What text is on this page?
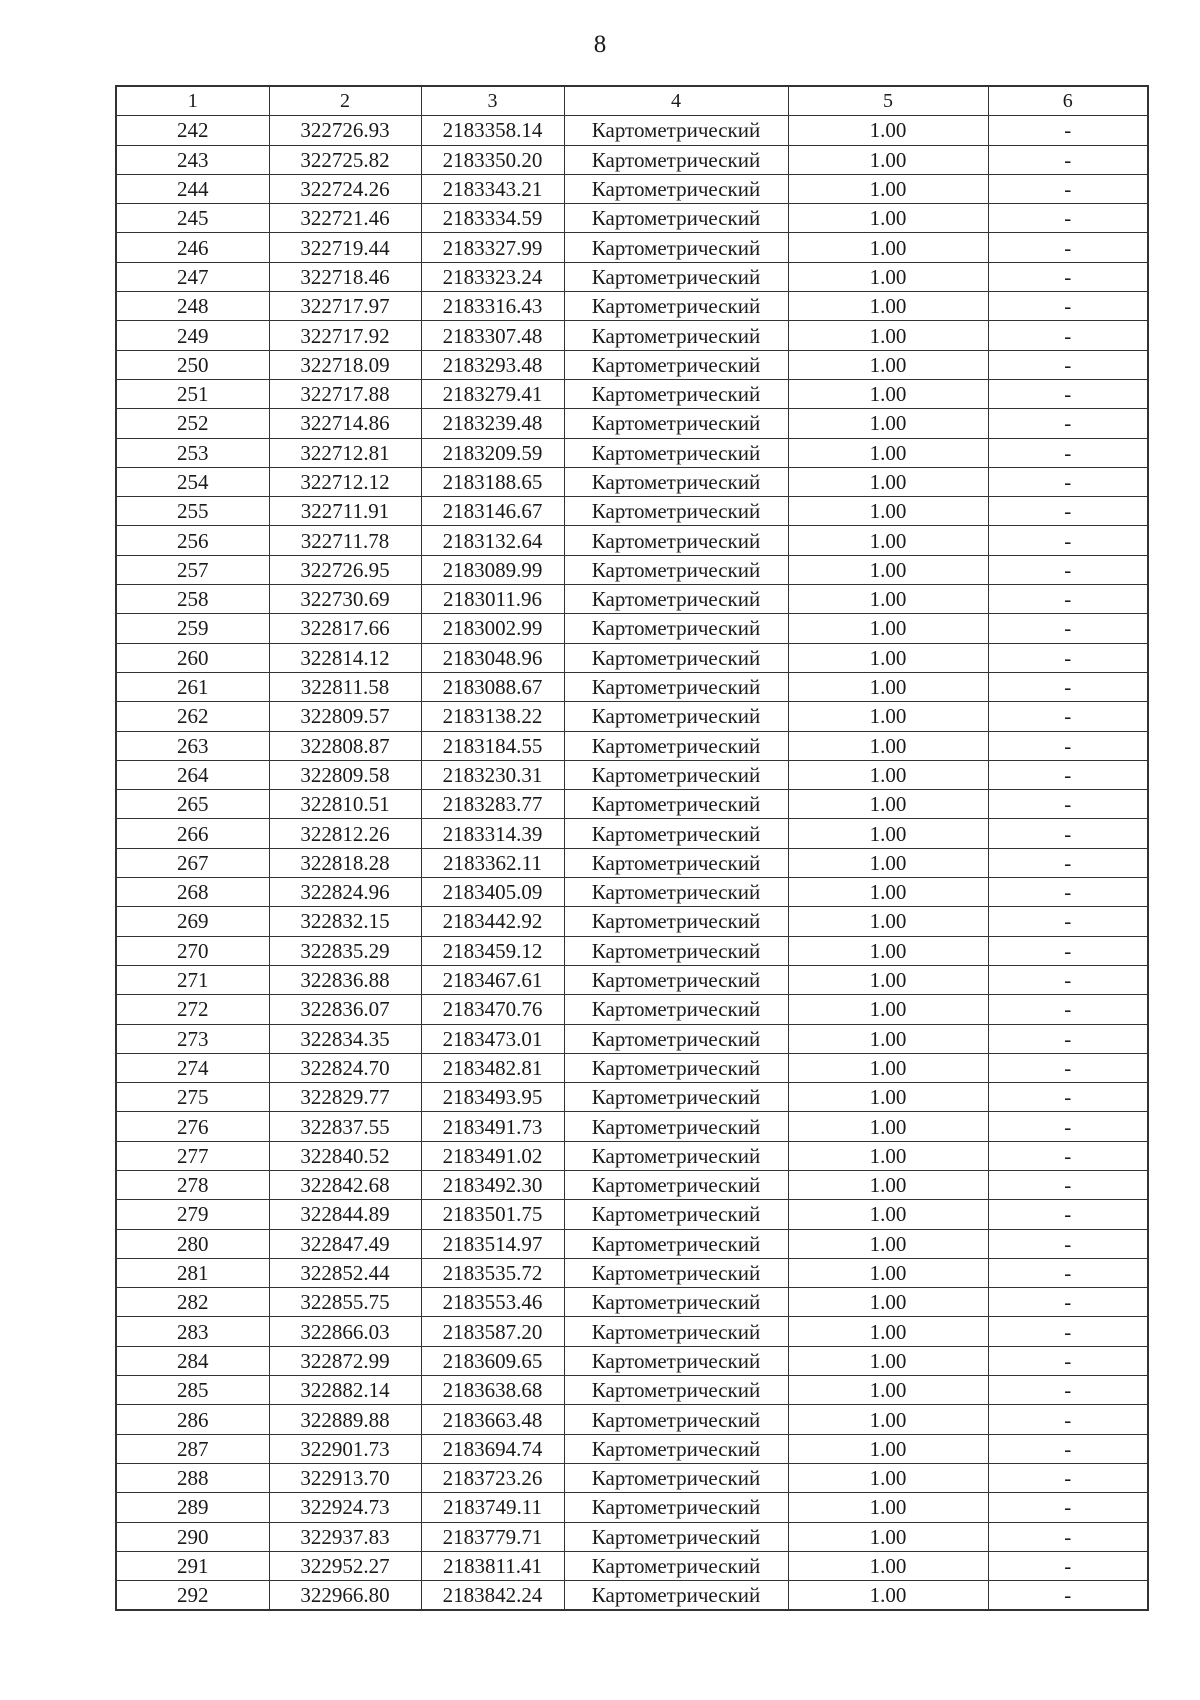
8
1	2	3	4	5	6
242	322726.93	2183358.14	Картометрический	1.00	-
243	322725.82	2183350.20	Картометрический	1.00	-
244	322724.26	2183343.21	Картометрический	1.00	-
245	322721.46	2183334.59	Картометрический	1.00	-
246	322719.44	2183327.99	Картометрический	1.00	-
247	322718.46	2183323.24	Картометрический	1.00	-
248	322717.97	2183316.43	Картометрический	1.00	-
249	322717.92	2183307.48	Картометрический	1.00	-
250	322718.09	2183293.48	Картометрический	1.00	-
251	322717.88	2183279.41	Картометрический	1.00	-
252	322714.86	2183239.48	Картометрический	1.00	-
253	322712.81	2183209.59	Картометрический	1.00	-
254	322712.12	2183188.65	Картометрический	1.00	-
255	322711.91	2183146.67	Картометрический	1.00	-
256	322711.78	2183132.64	Картометрический	1.00	-
257	322726.95	2183089.99	Картометрический	1.00	-
258	322730.69	2183011.96	Картометрический	1.00	-
259	322817.66	2183002.99	Картометрический	1.00	-
260	322814.12	2183048.96	Картометрический	1.00	-
261	322811.58	2183088.67	Картометрический	1.00	-
262	322809.57	2183138.22	Картометрический	1.00	-
263	322808.87	2183184.55	Картометрический	1.00	-
264	322809.58	2183230.31	Картометрический	1.00	-
265	322810.51	2183283.77	Картометрический	1.00	-
266	322812.26	2183314.39	Картометрический	1.00	-
267	322818.28	2183362.11	Картометрический	1.00	-
268	322824.96	2183405.09	Картометрический	1.00	-
269	322832.15	2183442.92	Картометрический	1.00	-
270	322835.29	2183459.12	Картометрический	1.00	-
271	322836.88	2183467.61	Картометрический	1.00	-
272	322836.07	2183470.76	Картометрический	1.00	-
273	322834.35	2183473.01	Картометрический	1.00	-
274	322824.70	2183482.81	Картометрический	1.00	-
275	322829.77	2183493.95	Картометрический	1.00	-
276	322837.55	2183491.73	Картометрический	1.00	-
277	322840.52	2183491.02	Картометрический	1.00	-
278	322842.68	2183492.30	Картометрический	1.00	-
279	322844.89	2183501.75	Картометрический	1.00	-
280	322847.49	2183514.97	Картометрический	1.00	-
281	322852.44	2183535.72	Картометрический	1.00	-
282	322855.75	2183553.46	Картометрический	1.00	-
283	322866.03	2183587.20	Картометрический	1.00	-
284	322872.99	2183609.65	Картометрический	1.00	-
285	322882.14	2183638.68	Картометрический	1.00	-
286	322889.88	2183663.48	Картометрический	1.00	-
287	322901.73	2183694.74	Картометрический	1.00	-
288	322913.70	2183723.26	Картометрический	1.00	-
289	322924.73	2183749.11	Картометрический	1.00	-
290	322937.83	2183779.71	Картометрический	1.00	-
291	322952.27	2183811.41	Картометрический	1.00	-
292	322966.80	2183842.24	Картометрический	1.00	-
